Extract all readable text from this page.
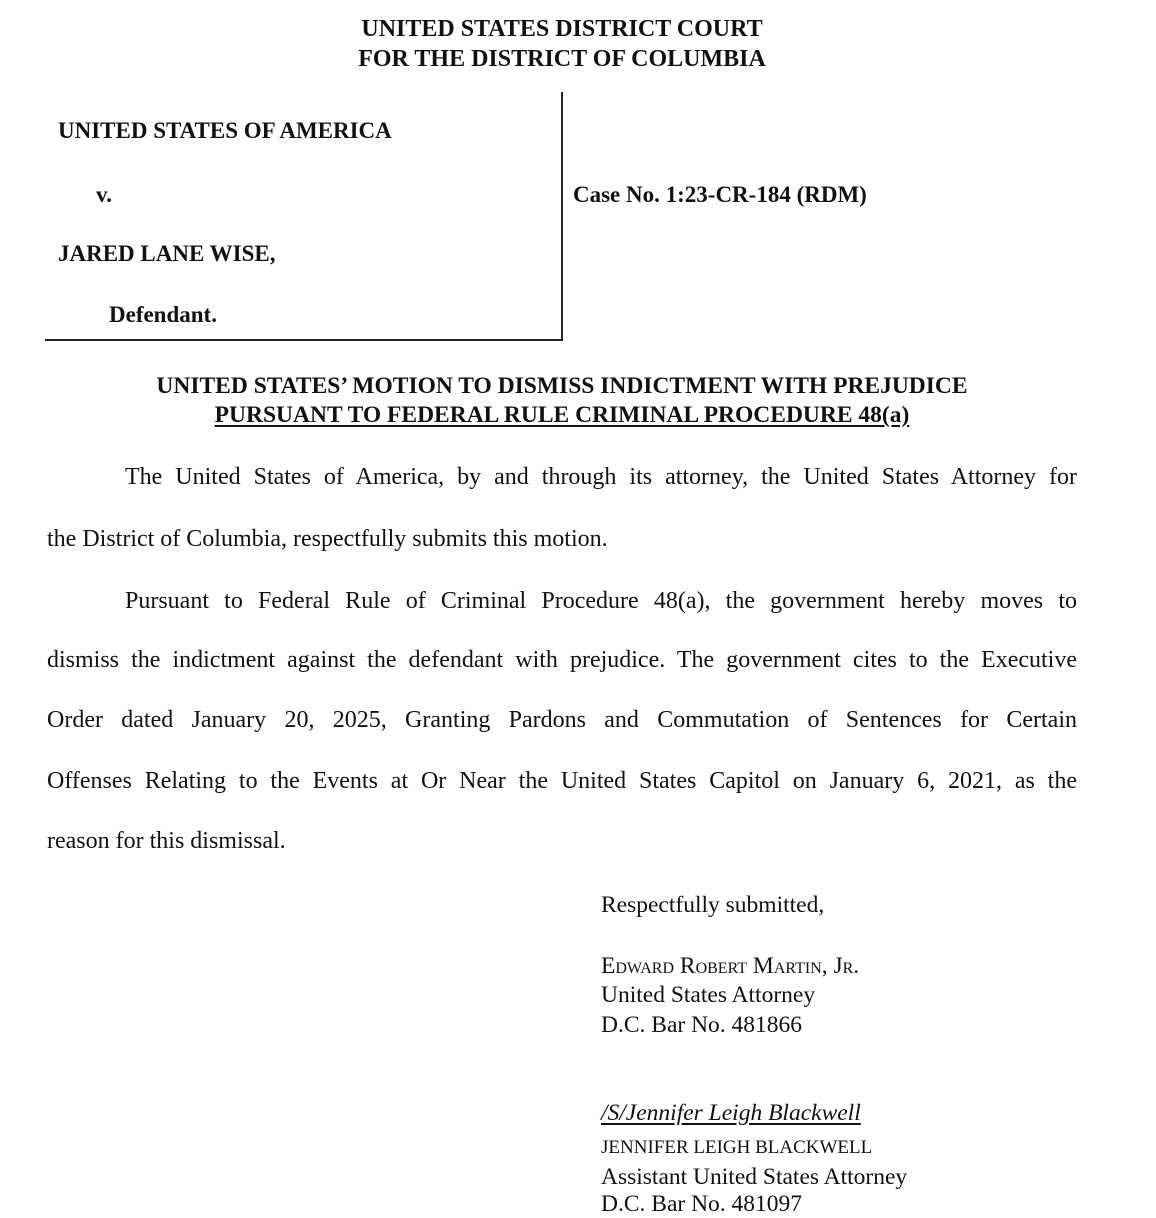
UNITED STATES DISTRICT COURT
FOR THE DISTRICT OF COLUMBIA
UNITED STATES OF AMERICA
v.
JARED LANE WISE,
Defendant.
Case No. 1:23-CR-184 (RDM)
UNITED STATES’ MOTION TO DISMISS INDICTMENT WITH PREJUDICE
PURSUANT TO FEDERAL RULE CRIMINAL PROCEDURE 48(a)
The United States of America, by and through its attorney, the United States Attorney for
the District of Columbia, respectfully submits this motion.
Pursuant to Federal Rule of Criminal Procedure 48(a), the government hereby moves to
dismiss the indictment against the defendant with prejudice. The government cites to the Executive
Order dated January 20, 2025, Granting Pardons and Commutation of Sentences for Certain
Offenses Relating to the Events at Or Near the United States Capitol on January 6, 2021, as the
reason for this dismissal.
Respectfully submitted,
Edward Robert Martin, Jr.
United States Attorney
D.C. Bar No. 481866
/S/Jennifer Leigh Blackwell
JENNIFER LEIGH BLACKWELL
Assistant United States Attorney
D.C. Bar No. 481097
